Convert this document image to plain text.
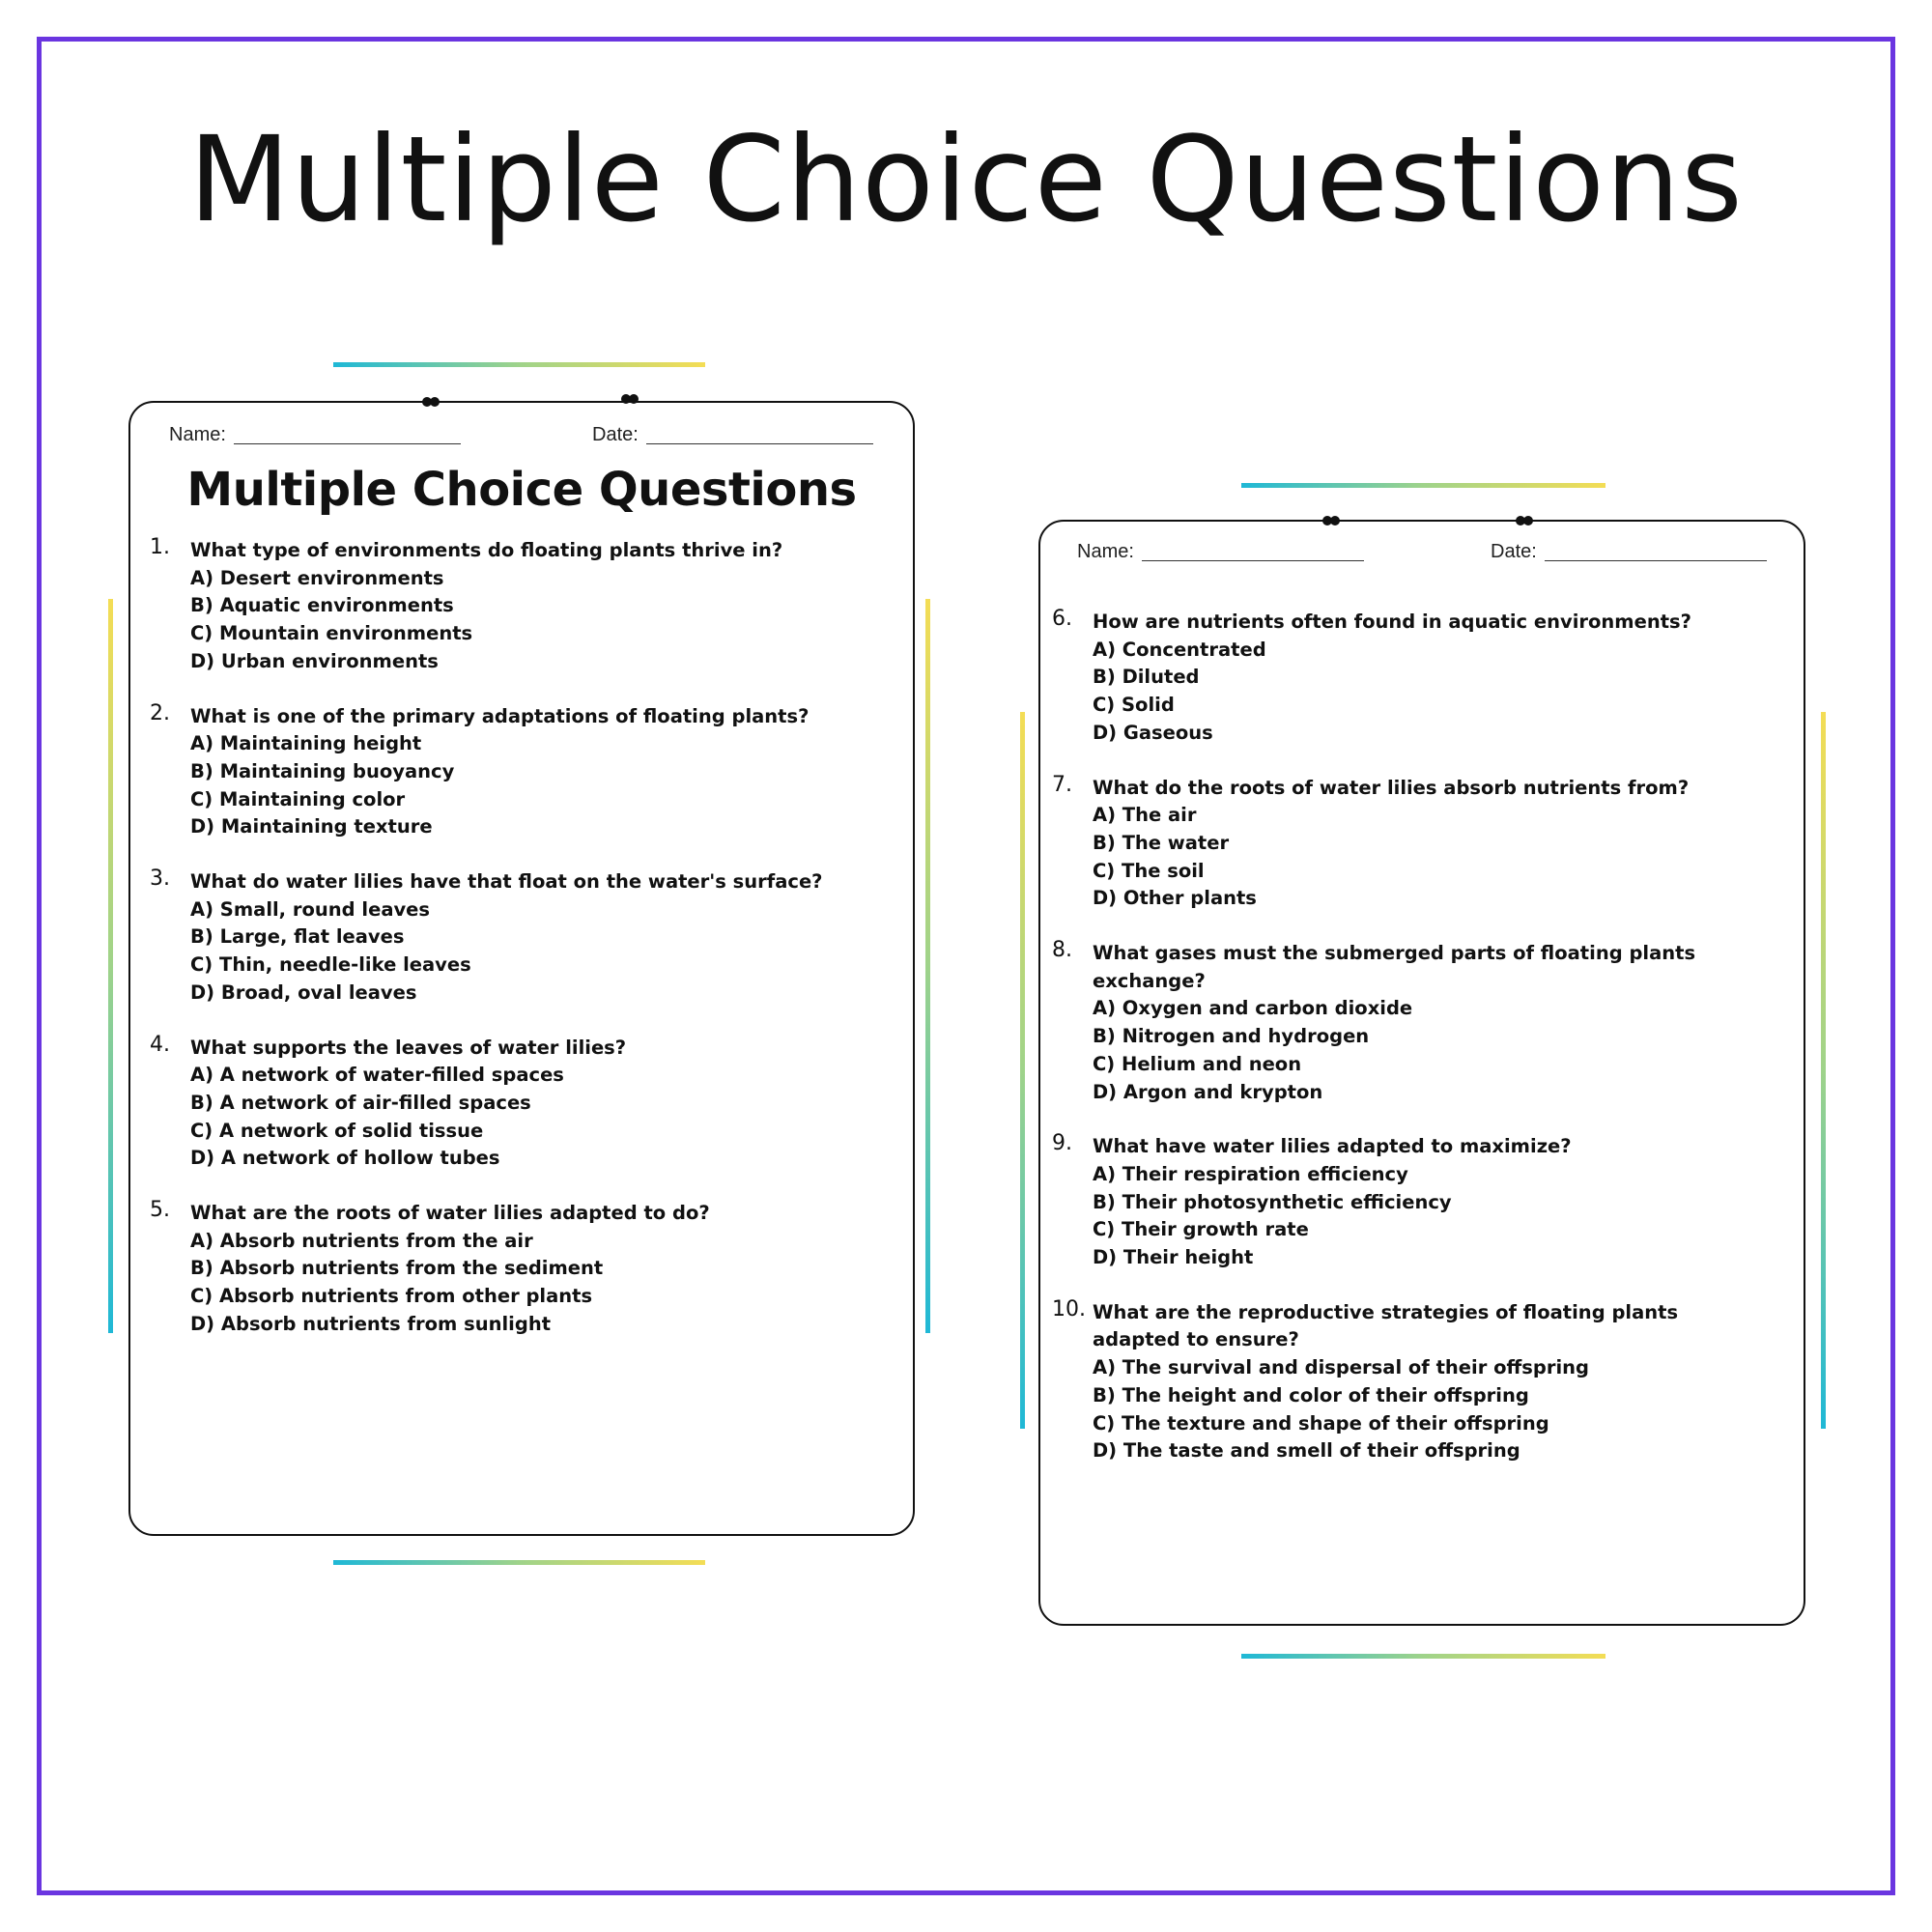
Multiple Choice Questions
Name:	Date:
Multiple Choice Questions
1. What type of environments do floating plants thrive in?
A) Desert environments
B) Aquatic environments
C) Mountain environments
D) Urban environments
2. What is one of the primary adaptations of floating plants?
A) Maintaining height
B) Maintaining buoyancy
C) Maintaining color
D) Maintaining texture
3. What do water lilies have that float on the water's surface?
A) Small, round leaves
B) Large, flat leaves
C) Thin, needle-like leaves
D) Broad, oval leaves
4. What supports the leaves of water lilies?
A) A network of water-filled spaces
B) A network of air-filled spaces
C) A network of solid tissue
D) A network of hollow tubes
5. What are the roots of water lilies adapted to do?
A) Absorb nutrients from the air
B) Absorb nutrients from the sediment
C) Absorb nutrients from other plants
D) Absorb nutrients from sunlight
Name:	Date:
6. How are nutrients often found in aquatic environments?
A) Concentrated
B) Diluted
C) Solid
D) Gaseous
7. What do the roots of water lilies absorb nutrients from?
A) The air
B) The water
C) The soil
D) Other plants
8. What gases must the submerged parts of floating plants exchange?
A) Oxygen and carbon dioxide
B) Nitrogen and hydrogen
C) Helium and neon
D) Argon and krypton
9. What have water lilies adapted to maximize?
A) Their respiration efficiency
B) Their photosynthetic efficiency
C) Their growth rate
D) Their height
10. What are the reproductive strategies of floating plants adapted to ensure?
A) The survival and dispersal of their offspring
B) The height and color of their offspring
C) The texture and shape of their offspring
D) The taste and smell of their offspring
